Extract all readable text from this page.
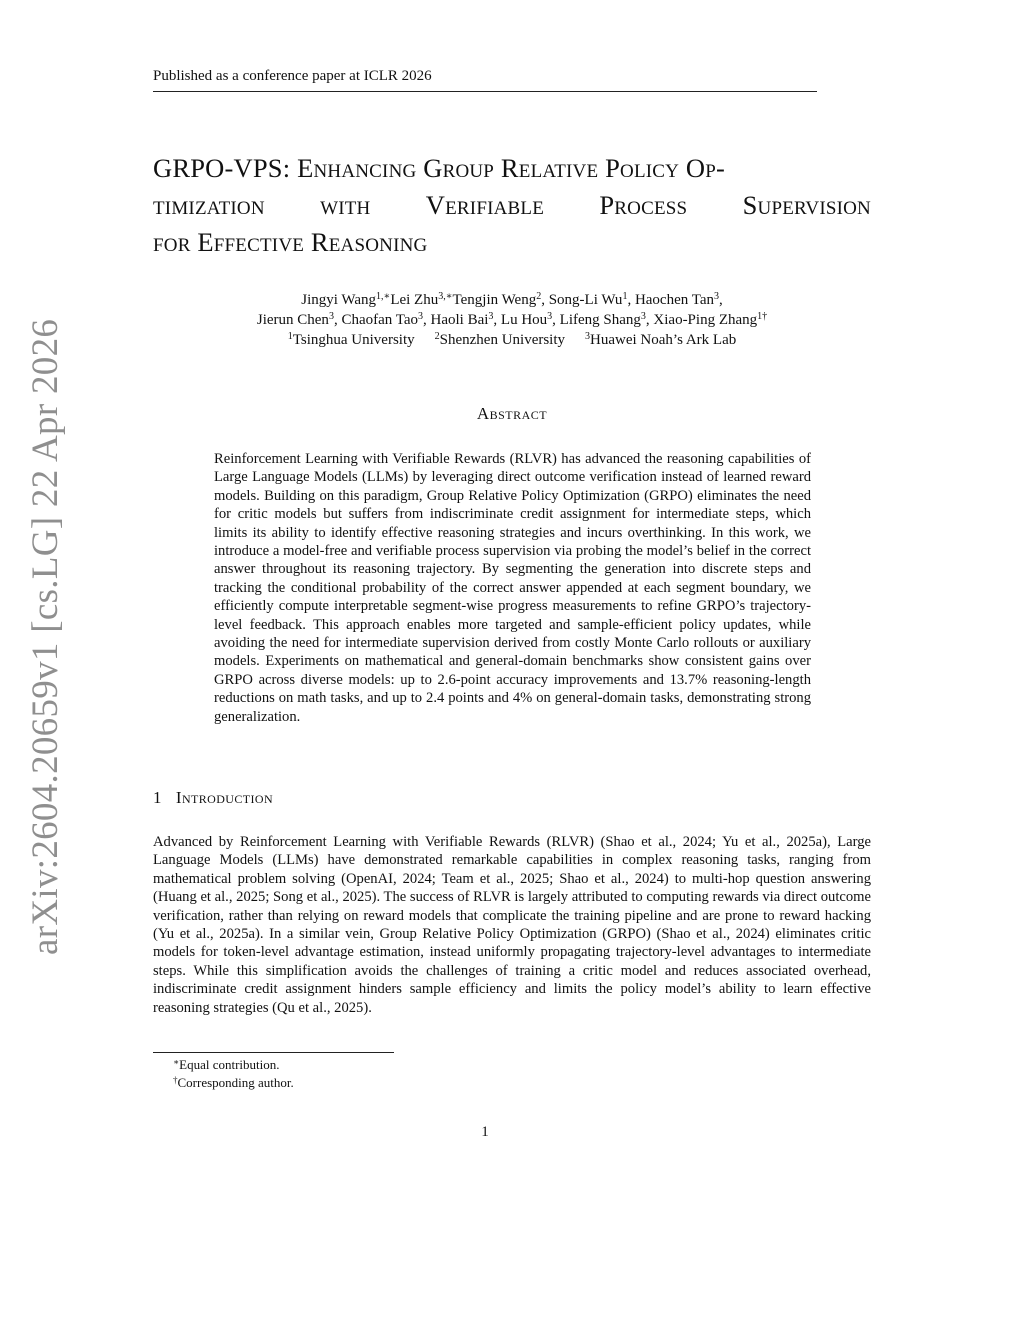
Published as a conference paper at ICLR 2026
arXiv:2604.20659v1 [cs.LG] 22 Apr 2026
GRPO-VPS: Enhancing Group Relative Policy Op-
timization with Verifiable Process Supervision
for Effective Reasoning
Jingyi Wang$^{1,∗}$Lei Zhu$^{3,∗}$Tengjin Weng$^2$, Song-Li Wu$^1$, Haochen Tan$^3$,
Jierun Chen$^3$, Chaofan Tao$^3$, Haoli Bai$^3$, Lu Hou$^3$, Lifeng Shang$^3$, Xiao-Ping Zhang$^{1\dagger}$
$^1$Tsinghua University $^2$Shenzhen University $^3$Huawei Noah’s Ark Lab
Abstract

Reinforcement Learning with Verifiable Rewards (RLVR) has advanced the reasoning capabilities of Large Language Models (LLMs) by leveraging direct outcome verification instead of learned reward models. Building on this paradigm, Group Relative Policy Optimization (GRPO) eliminates the need for critic models but suffers from indiscriminate credit assignment for intermediate steps, which limits its ability to identify effective reasoning strategies and incurs overthinking. In this work, we introduce a model-free and verifiable process supervision via probing the model’s belief in the correct answer throughout its reasoning trajectory. By segmenting the generation into discrete steps and tracking the conditional probability of the correct answer appended at each segment boundary, we efficiently compute interpretable segment-wise progress measurements to refine GRPO’s trajectory-level feedback. This approach enables more targeted and sample-efficient policy updates, while avoiding the need for intermediate supervision derived from costly Monte Carlo rollouts or auxiliary models. Experiments on mathematical and general-domain benchmarks show consistent gains over GRPO across diverse models: up to 2.6-point accuracy improvements and 13.7% reasoning-length reductions on math tasks, and up to 2.4 points and 4% on general-domain tasks, demonstrating strong generalization.

1 Introduction

Advanced by Reinforcement Learning with Verifiable Rewards (RLVR) (Shao et al., 2024; Yu et al., 2025a), Large Language Models (LLMs) have demonstrated remarkable capabilities in complex reasoning tasks, ranging from mathematical problem solving (OpenAI, 2024; Team et al., 2025; Shao et al., 2024) to multi-hop question answering (Huang et al., 2025; Song et al., 2025). The success of RLVR is largely attributed to computing rewards via direct outcome verification, rather than relying on reward models that complicate the training pipeline and are prone to reward hacking (Yu et al., 2025a). In a similar vein, Group Relative Policy Optimization (GRPO) (Shao et al., 2024) eliminates critic models for token-level advantage estimation, instead uniformly propagating trajectory-level advantages to intermediate steps. While this simplification avoids the challenges of training a critic model and reduces associated overhead, indiscriminate credit assignment hinders sample efficiency and limits the policy model’s ability to learn effective reasoning strategies (Qu et al., 2025).

∗Equal contribution.
†Corresponding author.
1
